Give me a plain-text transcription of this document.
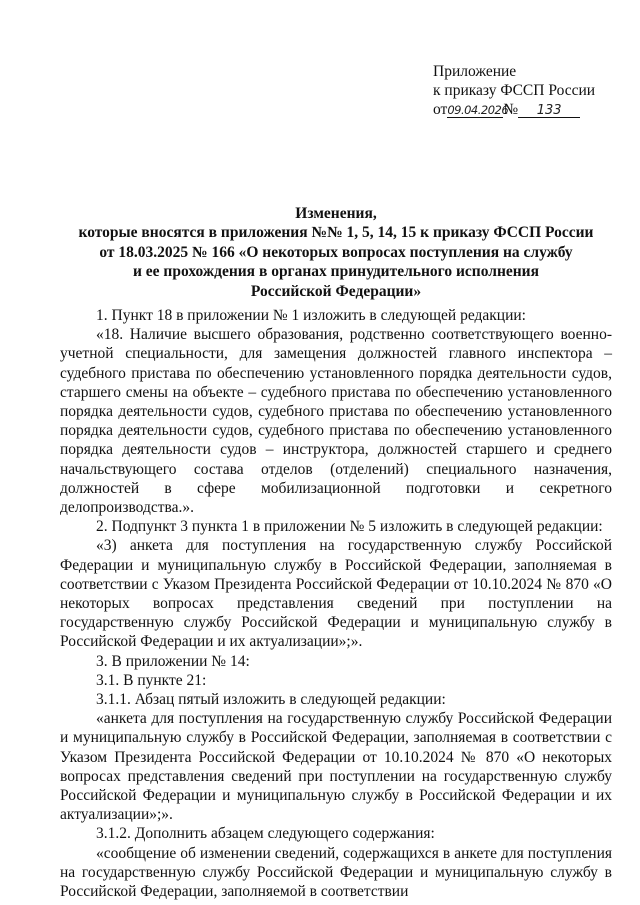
Приложение
к приказу ФССП России
от09.04.2026№ 133
Изменения,
которые вносятся в приложения №№ 1, 5, 14, 15 к приказу ФССП России
от 18.03.2025 № 166 «О некоторых вопросах поступления на службу
и ее прохождения в органах принудительного исполнения
Российской Федерации»

1. Пункт 18 в приложении № 1 изложить в следующей редакции:

«18. Наличие высшего образования, родственно соответствующего военно-учетной специальности, для замещения должностей главного инспектора – судебного пристава по обеспечению установленного порядка деятельности судов, старшего смены на объекте – судебного пристава по обеспечению установленного порядка деятельности судов, судебного пристава по обеспечению установленного порядка деятельности судов, судебного пристава по обеспечению установленного порядка деятельности судов – инструктора, должностей старшего и среднего начальствующего состава отделов (отделений) специального назначения, должностей в сфере мобилизационной подготовки и секретного делопроизводства.».

2. Подпункт 3 пункта 1 в приложении № 5 изложить в следующей редакции:

«3) анкета для поступления на государственную службу Российской Федерации и муниципальную службу в Российской Федерации, заполняемая в соответствии с Указом Президента Российской Федерации от 10.10.2024 № 870 «О некоторых вопросах представления сведений при поступлении на государственную службу Российской Федерации и муниципальную службу в Российской Федерации и их актуализации»;».

3. В приложении № 14:

3.1. В пункте 21:

3.1.1. Абзац пятый изложить в следующей редакции:

«анкета для поступления на государственную службу Российской Федерации и муниципальную службу в Российской Федерации, заполняемая в соответствии с Указом Президента Российской Федерации от 10.10.2024 № 870 «О некоторых вопросах представления сведений при поступлении на государственную службу Российской Федерации и муниципальную службу в Российской Федерации и их актуализации»;».

3.1.2. Дополнить абзацем следующего содержания:

«сообщение об изменении сведений, содержащихся в анкете для поступления на государственную службу Российской Федерации и муниципальную службу в Российской Федерации, заполняемой в соответствии
